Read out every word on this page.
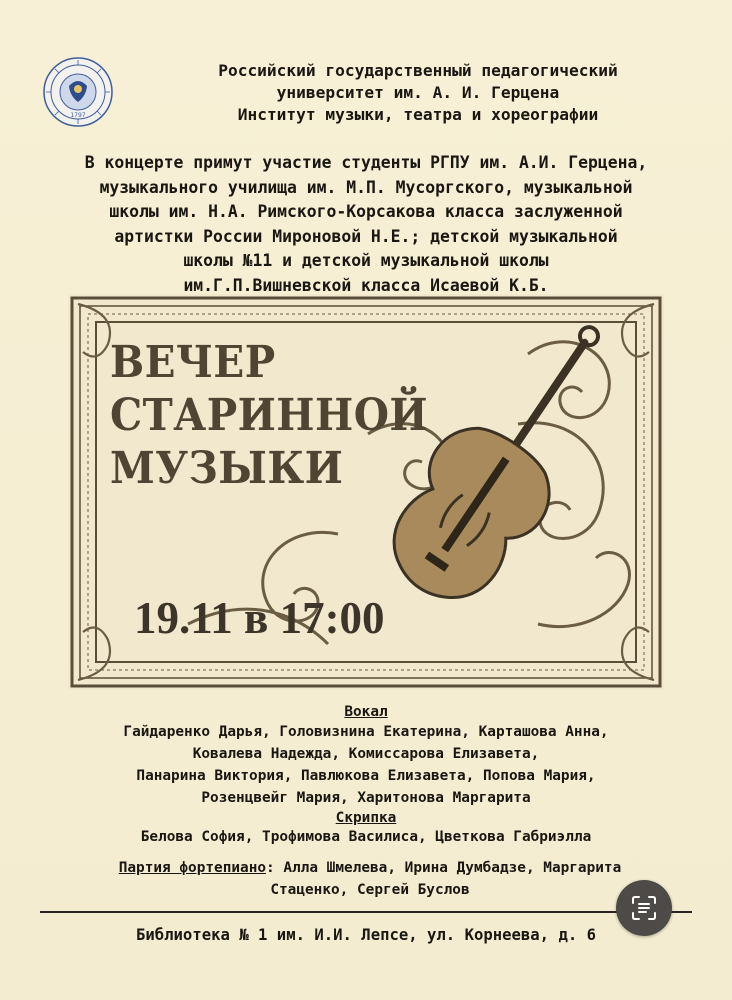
1797
Российский государственный педагогический
университет им. А. И. Герцена
Институт музыки, театра и хореографии
В концерте примут участие студенты РГПУ им. А.И. Герцена,
музыкального училища им. М.П. Мусоргского, музыкальной
школы им. Н.А. Римского-Корсакова класса заслуженной
артистки России Мироновой Н.Е.; детской музыкальной
школы №11 и детской музыкальной школы
им.Г.П.Вишневской класса Исаевой К.Б.
ВЕЧЕР
СТАРИННОЙ
МУЗЫКИ
19.11 в 17:00
Вокал
Гайдаренко Дарья, Головизнина Екатерина, Карташова Анна,
Ковалева Надежда, Комиссарова Елизавета,
Панарина Виктория, Павлюкова Елизавета, Попова Мария,
Розенцвейг Мария, Харитонова Маргарита
Скрипка
Белова София, Трофимова Василиса, Цветкова Габриэлла
Партия фортепиано: Алла Шмелева, Ирина Думбадзе, Маргарита
Стаценко, Сергей Буслов
Библиотека № 1 им. И.И. Лепсе, ул. Корнеева, д. 6
